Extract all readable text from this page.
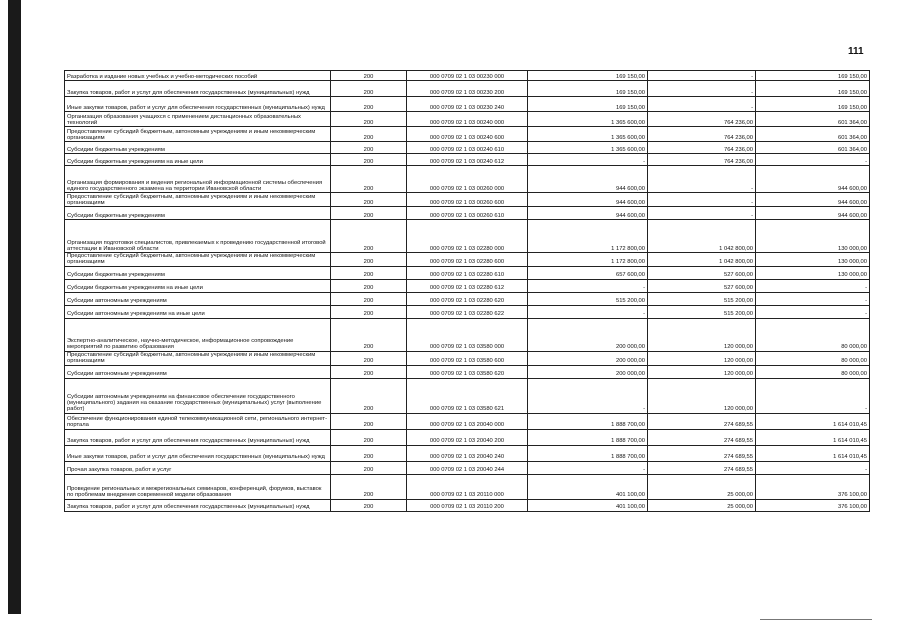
111
Разработка и издание новых учебных и учебно-методических пособий	200	000 0709 02 1 03 00230 000	169 150,00	-	169 150,00
Закупка товаров, работ и услуг для обеспечения государственных (муниципальных) нужд	200	000 0709 02 1 03 00230 200	169 150,00	-	169 150,00
Иные закупки товаров, работ и услуг для обеспечения государственных (муниципальных) нужд	200	000 0709 02 1 03 00230 240	169 150,00	-	169 150,00
Организация образования учащихся с применением дистанционных образовательных технологий	200	000 0709 02 1 03 00240 000	1 365 600,00	764 236,00	601 364,00
Предоставление субсидий бюджетным, автономным учреждениям и иным некоммерческим организациям	200	000 0709 02 1 03 00240 600	1 365 600,00	764 236,00	601 364,00
Субсидии бюджетным учреждениям	200	000 0709 02 1 03 00240 610	1 365 600,00	764 236,00	601 364,00
Субсидии бюджетным учреждениям на иные цели	200	000 0709 02 1 03 00240 612	-	764 236,00	-
Организация формирования и ведения региональной информационной системы обеспечения единого государственного экзамена на территории Ивановской области	200	000 0709 02 1 03 00260 000	944 600,00	-	944 600,00
Предоставление субсидий бюджетным, автономным учреждениям и иным некоммерческим организациям	200	000 0709 02 1 03 00260 600	944 600,00	-	944 600,00
Субсидии бюджетным учреждениям	200	000 0709 02 1 03 00260 610	944 600,00	-	944 600,00
Организация подготовки специалистов, привлекаемых к проведению государственной итоговой аттестации в Ивановской области	200	000 0709 02 1 03 02280 000	1 172 800,00	1 042 800,00	130 000,00
Предоставление субсидий бюджетным, автономным учреждениям и иным некоммерческим организациям	200	000 0709 02 1 03 02280 600	1 172 800,00	1 042 800,00	130 000,00
Субсидии бюджетным учреждениям	200	000 0709 02 1 03 02280 610	657 600,00	527 600,00	130 000,00
Субсидии бюджетным учреждениям на иные цели	200	000 0709 02 1 03 02280 612	-	527 600,00	-
Субсидии автономным учреждениям	200	000 0709 02 1 03 02280 620	515 200,00	515 200,00	-
Субсидии автономным учреждениям на иные цели	200	000 0709 02 1 03 02280 622	-	515 200,00	-
Экспертно-аналитическое, научно-методическое, информационное сопровождение мероприятий по развитию образования	200	000 0709 02 1 03 03580 000	200 000,00	120 000,00	80 000,00
Предоставление субсидий бюджетным, автономным учреждениям и иным некоммерческим организациям	200	000 0709 02 1 03 03580 600	200 000,00	120 000,00	80 000,00
Субсидии автономным учреждениям	200	000 0709 02 1 03 03580 620	200 000,00	120 000,00	80 000,00
Субсидии автономным учреждениям на финансовое обеспечение государственного (муниципального) задания на оказание государственных (муниципальных) услуг (выполнение работ)	200	000 0709 02 1 03 03580 621	-	120 000,00	-
Обеспечение функционирования единой телекоммуникационной сети, регионального интернет-портала	200	000 0709 02 1 03 20040 000	1 888 700,00	274 689,55	1 614 010,45
Закупка товаров, работ и услуг для обеспечения государственных (муниципальных) нужд	200	000 0709 02 1 03 20040 200	1 888 700,00	274 689,55	1 614 010,45
Иные закупки товаров, работ и услуг для обеспечения государственных (муниципальных) нужд	200	000 0709 02 1 03 20040 240	1 888 700,00	274 689,55	1 614 010,45
Прочая закупка товаров, работ и услуг	200	000 0709 02 1 03 20040 244	-	274 689,55	-
Проведение региональных и межрегиональных семинаров, конференций, форумов, выставок по проблемам внедрения современной модели образования	200	000 0709 02 1 03 20110 000	401 100,00	25 000,00	376 100,00
Закупка товаров, работ и услуг для обеспечения государственных (муниципальных) нужд	200	000 0709 02 1 03 20110 200	401 100,00	25 000,00	376 100,00
